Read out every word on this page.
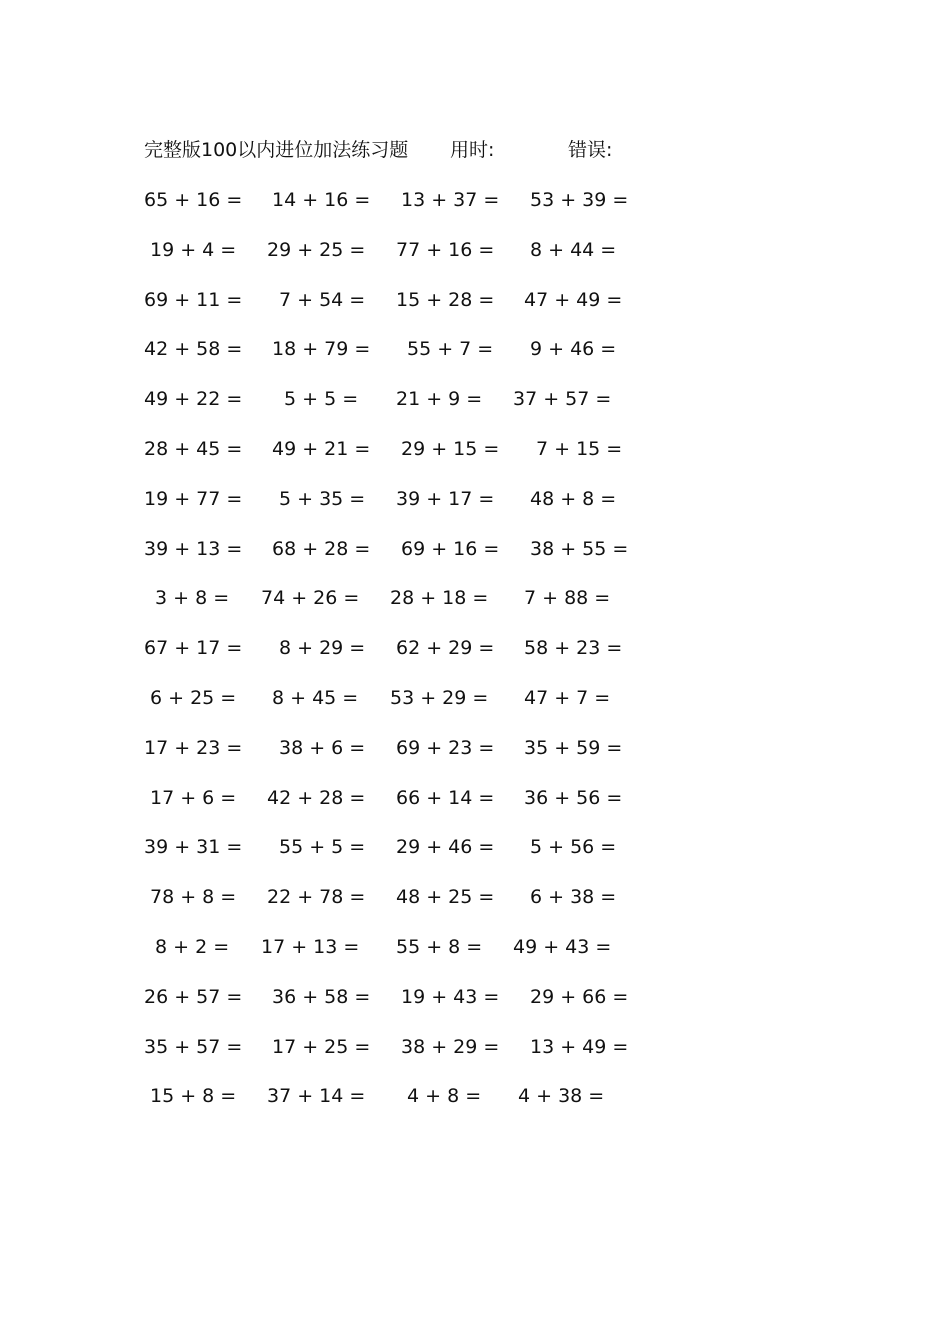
完整版100以内进位加法练习题 用时:	错误:
65 + 16 = 14 + 16 = 13 + 37 = 53 + 39 =
19 + 4 = 29 + 25 = 77 + 16 = 8 + 44 =
69 + 11 = 7 + 54 = 15 + 28 = 47 + 49 =
42 + 58 = 18 + 79 = 55 + 7 = 9 + 46 =
49 + 22 = 5 + 5 = 21 + 9 = 37 + 57 =
28 + 45 = 49 + 21 = 29 + 15 = 7 + 15 =
19 + 77 = 5 + 35 = 39 + 17 = 48 + 8 =
39 + 13 = 68 + 28 = 69 + 16 = 38 + 55 =
3 + 8 = 74 + 26 = 28 + 18 = 7 + 88 =
67 + 17 = 8 + 29 = 62 + 29 = 58 + 23 =
6 + 25 = 8 + 45 = 53 + 29 = 47 + 7 =
17 + 23 = 38 + 6 = 69 + 23 = 35 + 59 =
17 + 6 = 42 + 28 = 66 + 14 = 36 + 56 =
39 + 31 = 55 + 5 = 29 + 46 = 5 + 56 =
78 + 8 = 22 + 78 = 48 + 25 = 6 + 38 =
8 + 2 = 17 + 13 = 55 + 8 = 49 + 43 =
26 + 57 = 36 + 58 = 19 + 43 = 29 + 66 =
35 + 57 = 17 + 25 = 38 + 29 = 13 + 49 =
15 + 8 = 37 + 14 = 4 + 8 = 4 + 38 =
